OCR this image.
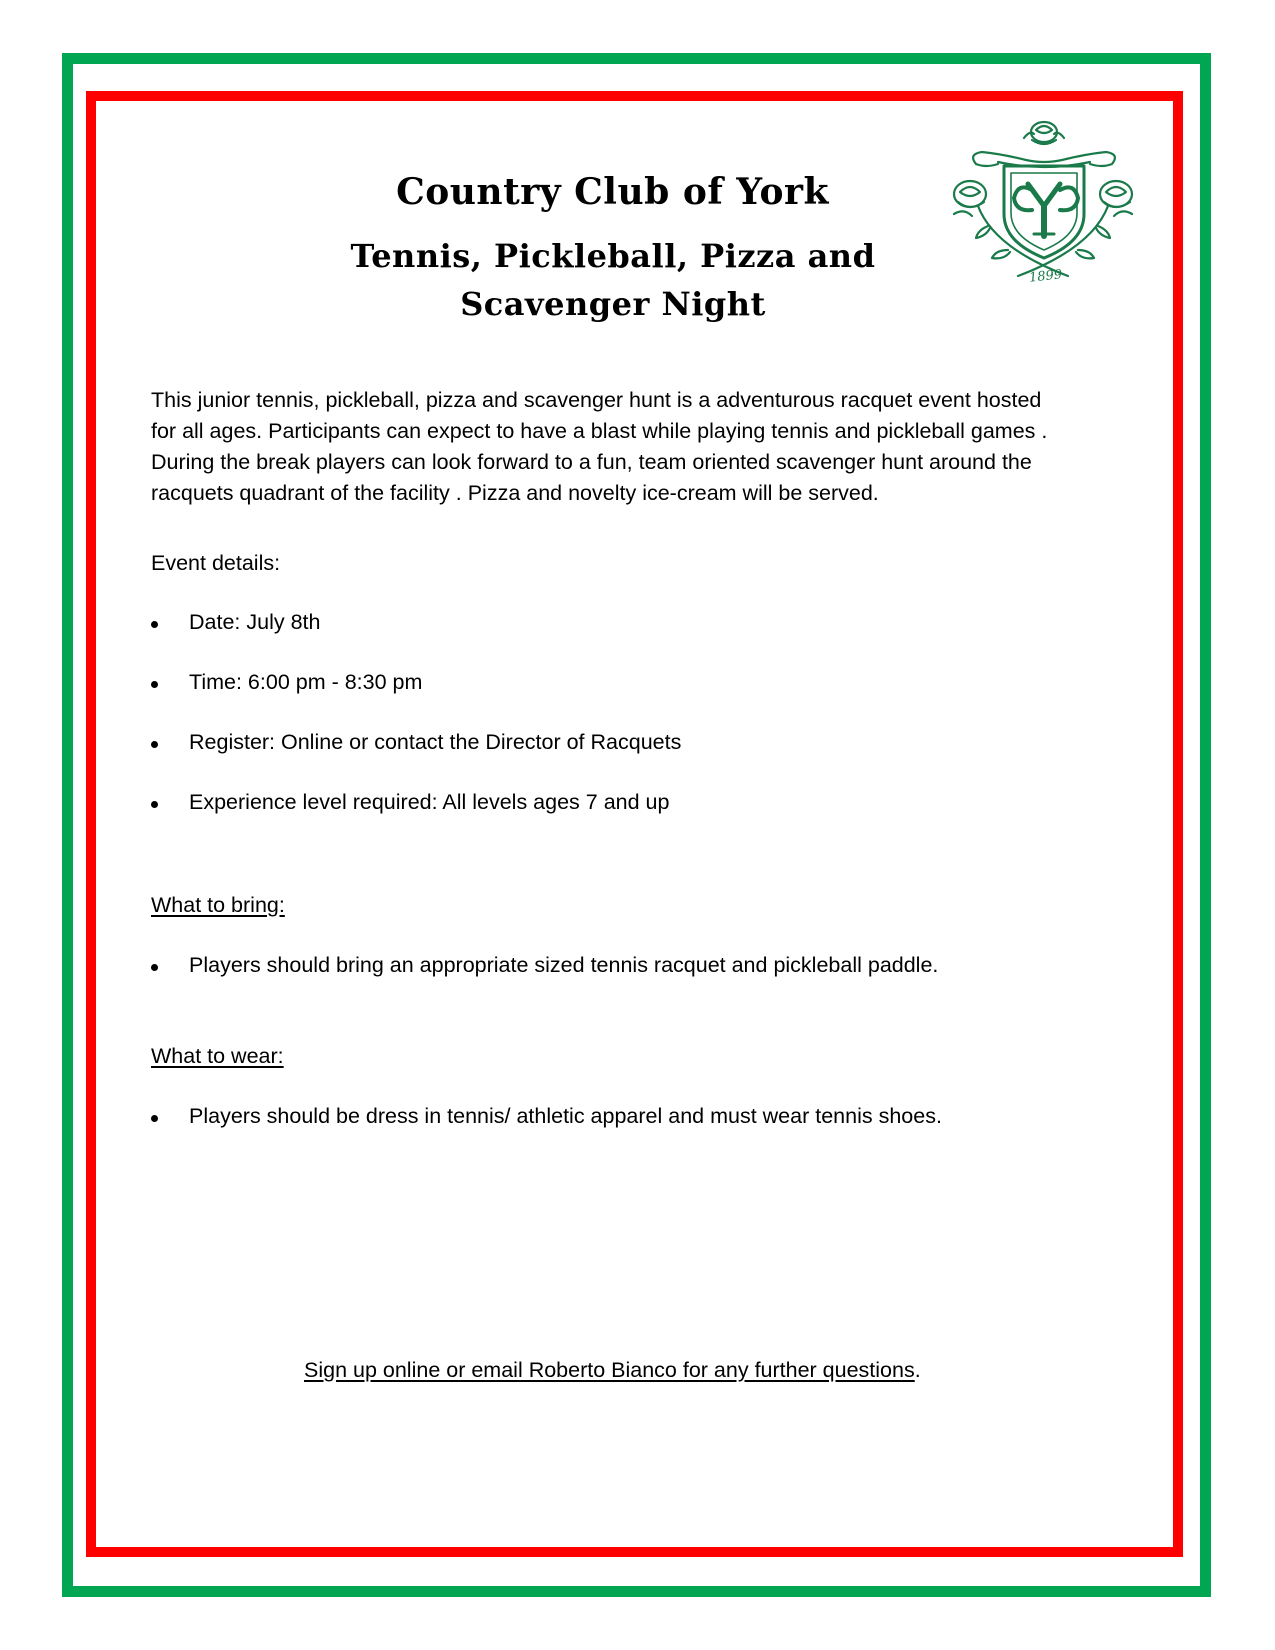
Country Club of York
Tennis, Pickleball, Pizza and
Scavenger Night
1899
This junior tennis, pickleball, pizza and scavenger hunt is a adventurous racquet event hosted
for all ages. Participants can expect to have a blast while playing tennis and pickleball games .
During the break players can look forward to a fun, team oriented scavenger hunt around the
racquets quadrant of the facility . Pizza and novelty ice-cream will be served.
Event details:
Date: July 8th
Time: 6:00 pm - 8:30 pm
Register: Online or contact the Director of Racquets
Experience level required: All levels ages 7 and up
What to bring:
Players should bring an appropriate sized tennis racquet and pickleball paddle.
What to wear:
Players should be dress in tennis/ athletic apparel and must wear tennis shoes.
Sign up online or email Roberto Bianco for any further questions.
